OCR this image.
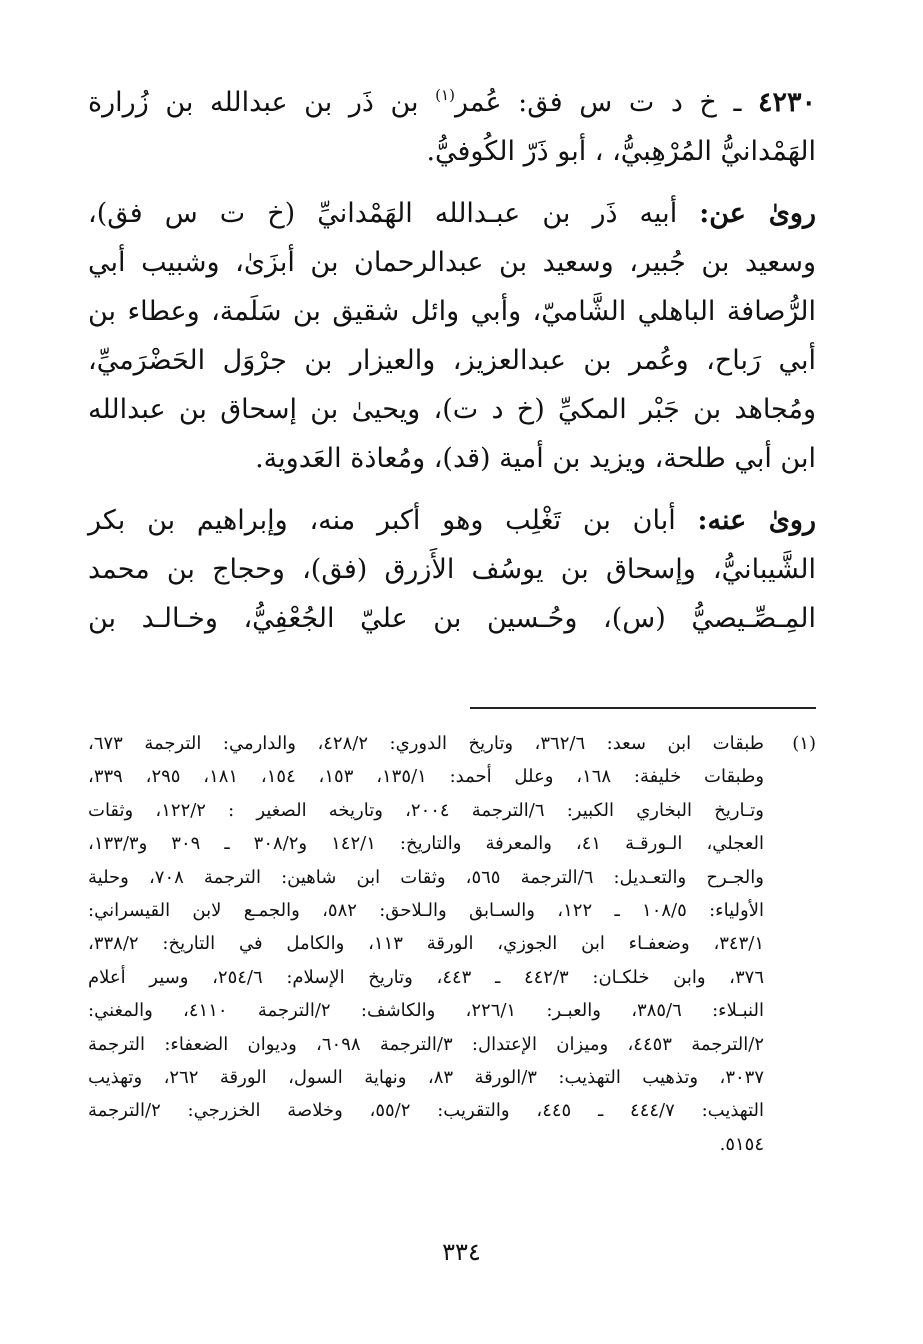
٤٢٣٠ ـ خ د ت س فق: عُمر$^{(١)}$ بن ذَر بن عبدالله بن زُرارة
الهَمْدانيُّ المُرْهِبيُّ، ، أبو ذَرّ الكُوفيُّ.

روىٰ عن: أبيه ذَر بن عبـدالله الهَمْدانيِّ (خ ت س فق)،
وسعيد بن جُبير، وسعيد بن عبدالرحمان بن أبزَىٰ، وشبيب أبي
الرُّصافة الباهلي الشَّاميّ، وأبي وائل شقيق بن سَلَمة، وعطاء بن
أبي رَباح، وعُمر بن عبدالعزيز، والعيزار بن جرْوَل الحَضْرَميِّ،
ومُجاهد بن جَبْر المكيِّ (خ د ت)، ويحيىٰ بن إسحاق بن عبدالله
ابن أبي طلحة، ويزيد بن أمية (قد)، ومُعاذة العَدوية.

روىٰ عنه: أبان بن تَغْلِب وهو أكبر منه، وإبراهيم بن بكر
الشَّيبانيُّ، وإسحاق بن يوسُف الأَزرق (فق)، وحجاج بن محمد
المِـصِّـيصيُّ (س)، وحُـسين بن عليّ الجُعْفِيُّ، وخـالـد بن

(١)
طبقات ابن سعد: ٣٦٢/٦، وتاريخ الدوري: ٤٢٨/٢، والدارمي: الترجمة ٦٧٣،
وطبقات خليفة: ١٦٨، وعلل أحمد: ١٣٥/١، ١٥٣، ١٥٤، ١٨١، ٢٩٥، ٣٣٩،
وتـاريخ البخاري الكبير: ٦/الترجمة ٢٠٠٤، وتاريخه الصغير : ١٢٢/٢، وثقات
العجلي، الـورقـة ٤١، والمعرفة والتاريخ: ١٤٢/١ و٣٠٨/٢ ـ ٣٠٩ و١٣٣/٣،
والجـرح والتعـديل: ٦/الترجمة ٥٦٥، وثقات ابن شاهين: الترجمة ٧٠٨، وحلية
الأولياء: ١٠٨/٥ ـ ١٢٢، والسـابق والـلاحق: ٥٨٢، والجمـع لابن القيسراني:
٣٤٣/١، وضعفـاء ابن الجوزي، الورقة ١١٣، والكامل في التاريخ: ٣٣٨/٢،
٣٧٦، وابن خلكـان: ٤٤٢/٣ ـ ٤٤٣، وتاريخ الإسلام: ٢٥٤/٦، وسير أعلام
النبـلاء: ٣٨٥/٦، والعبـر: ٢٢٦/١، والكاشف: ٢/الترجمة ٤١١٠، والمغني:
٢/الترجمة ٤٤٥٣، وميزان الإعتدال: ٣/الترجمة ٦٠٩٨، وديوان الضعفاء: الترجمة
٣٠٣٧، وتذهيب التهذيب: ٣/الورقة ٨٣، ونهاية السول، الورقة ٢٦٢، وتهذيب
التهذيب: ٤٤٤/٧ ـ ٤٤٥، والتقريب: ٥٥/٢، وخلاصة الخزرجي: ٢/الترجمة
٥١٥٤.
٣٣٤
